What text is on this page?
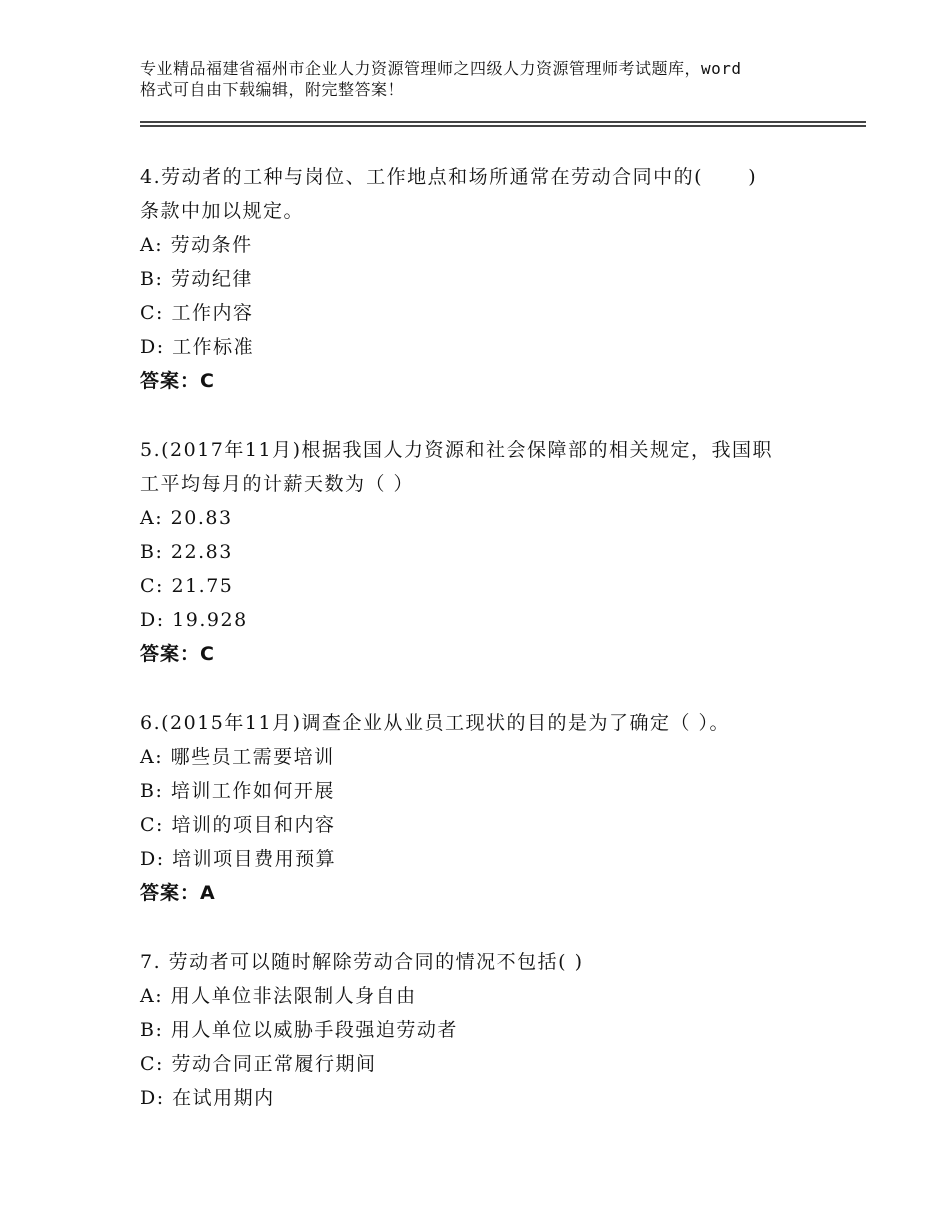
专业精品福建省福州市企业人力资源管理师之四级人力资源管理师考试题库，word
格式可自由下载编辑，附完整答案！
4.劳动者的工种与岗位、工作地点和场所通常在劳动合同中的(      )
条款中加以规定。
A: 劳动条件
B: 劳动纪律
C: 工作内容
D: 工作标准
答案：C
5.(2017年11月)根据我国人力资源和社会保障部的相关规定，我国职
工平均每月的计薪天数为（ ）
A: 20.83
B: 22.83
C: 21.75
D: 19.928
答案：C
6.(2015年11月)调查企业从业员工现状的目的是为了确定（ ）。
A: 哪些员工需要培训
B: 培训工作如何开展
C: 培训的项目和内容
D: 培训项目费用预算
答案：A
7. 劳动者可以随时解除劳动合同的情况不包括( )
A: 用人单位非法限制人身自由
B: 用人单位以威胁手段强迫劳动者
C: 劳动合同正常履行期间
D: 在试用期内
